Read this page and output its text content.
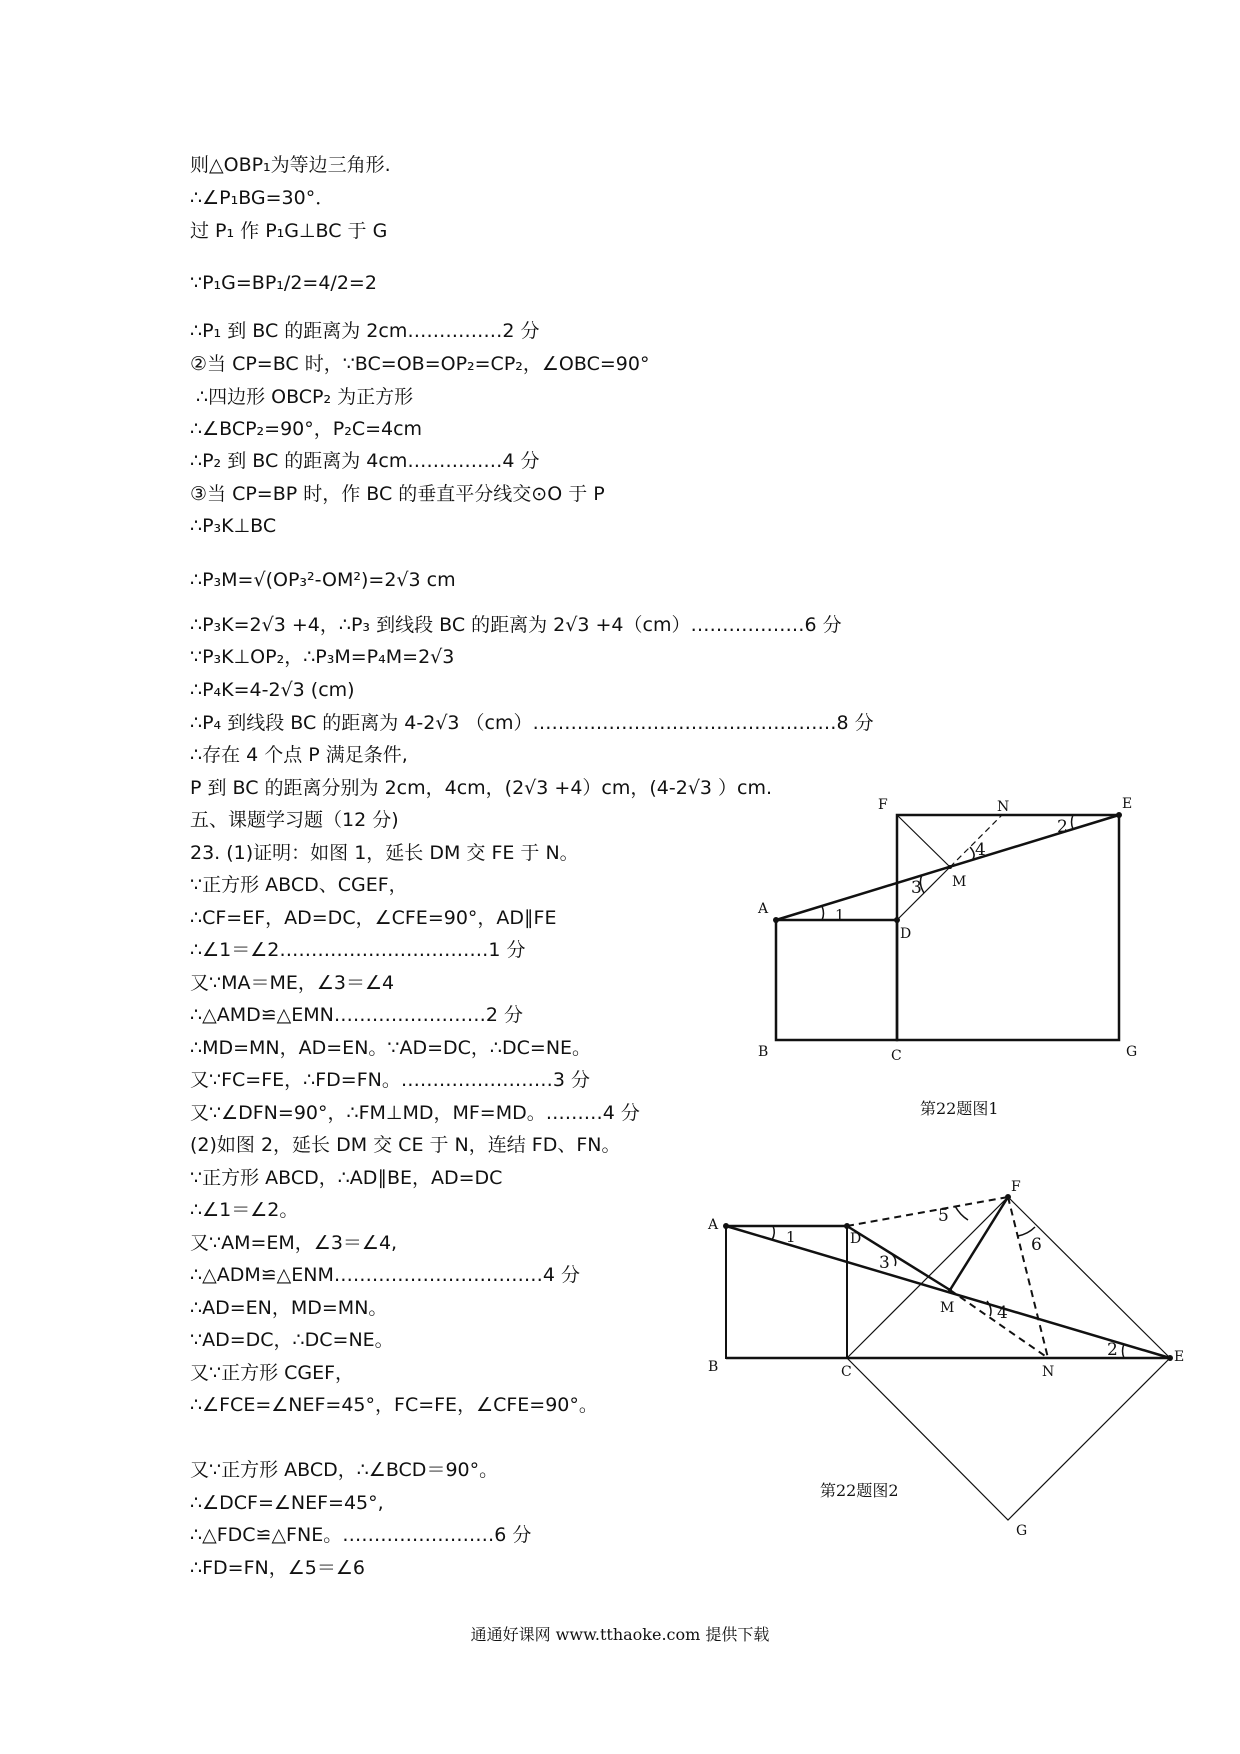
则△OBP₁为等边三角形.
∴∠P₁BG=30°．
过 P₁ 作 P₁G⊥BC 于 G
∵P₁G=BP₁/2=4/2=2
∴P₁ 到 BC 的距离为 2cm……………2 分
②当 CP=BC 时，∵BC=OB=OP₂=CP₂，∠OBC=90°
∴四边形 OBCP₂ 为正方形
∴∠BCP₂=90°，P₂C=4cm
∴P₂ 到 BC 的距离为 4cm……………4 分
③当 CP=BP 时，作 BC 的垂直平分线交⊙O 于 P
∴P₃K⊥BC
∴P₃M=√(OP₃²-OM²)=2√3 cm
∴P₃K=2√3 +4，∴P₃ 到线段 BC 的距离为 2√3 +4（cm）………………6 分
∵P₃K⊥OP₂，∴P₃M=P₄M=2√3
∴P₄K=4-2√3 (cm)
∴P₄ 到线段 BC 的距离为 4-2√3 （cm）…………………………………………8 分
∴存在 4 个点 P 满足条件,
P 到 BC 的距离分别为 2cm，4cm，(2√3 +4）cm，(4-2√3 ）cm.
五、课题学习题（12 分)
23. (1)证明：如图 1，延长 DM 交 FE 于 N。
∵正方形 ABCD、CGEF，
∴CF=EF，AD=DC，∠CFE=90°，AD∥FE
∴∠1＝∠2……………………………1 分
又∵MA＝ME，∠3＝∠4
∴△AMD≌△EMN……………………2 分
∴MD=MN，AD=EN。∵AD=DC，∴DC=NE。
又∵FC=FE，∴FD=FN。……………………3 分
又∵∠DFN=90°，∴FM⊥MD，MF=MD。………4 分
(2)如图 2，延长 DM 交 CE 于 N，连结 FD、FN。
∵正方形 ABCD，∴AD∥BE，AD=DC
∴∠1＝∠2。
又∵AM=EM，∠3＝∠4,
∴△ADM≌△ENM……………………………4 分
∴AD=EN，MD=MN。
∵AD=DC，∴DC=NE。
又∵正方形 CGEF，
∴∠FCE=∠NEF=45°，FC=FE，∠CFE=90°。
又∵正方形 ABCD，∴∠BCD＝90°。
∴∠DCF=∠NEF=45°,
∴△FDC≌△FNE。……………………6 分
∴FD=FN，∠5＝∠6
F	N	E
A
D
M
B	C	G
1
2
3
4
第22题图1
F
A
D
M
B	C	N
E
G
1
2
3
4
5
6
第22题图2
通通好课网 www.tthaoke.com 提供下载
